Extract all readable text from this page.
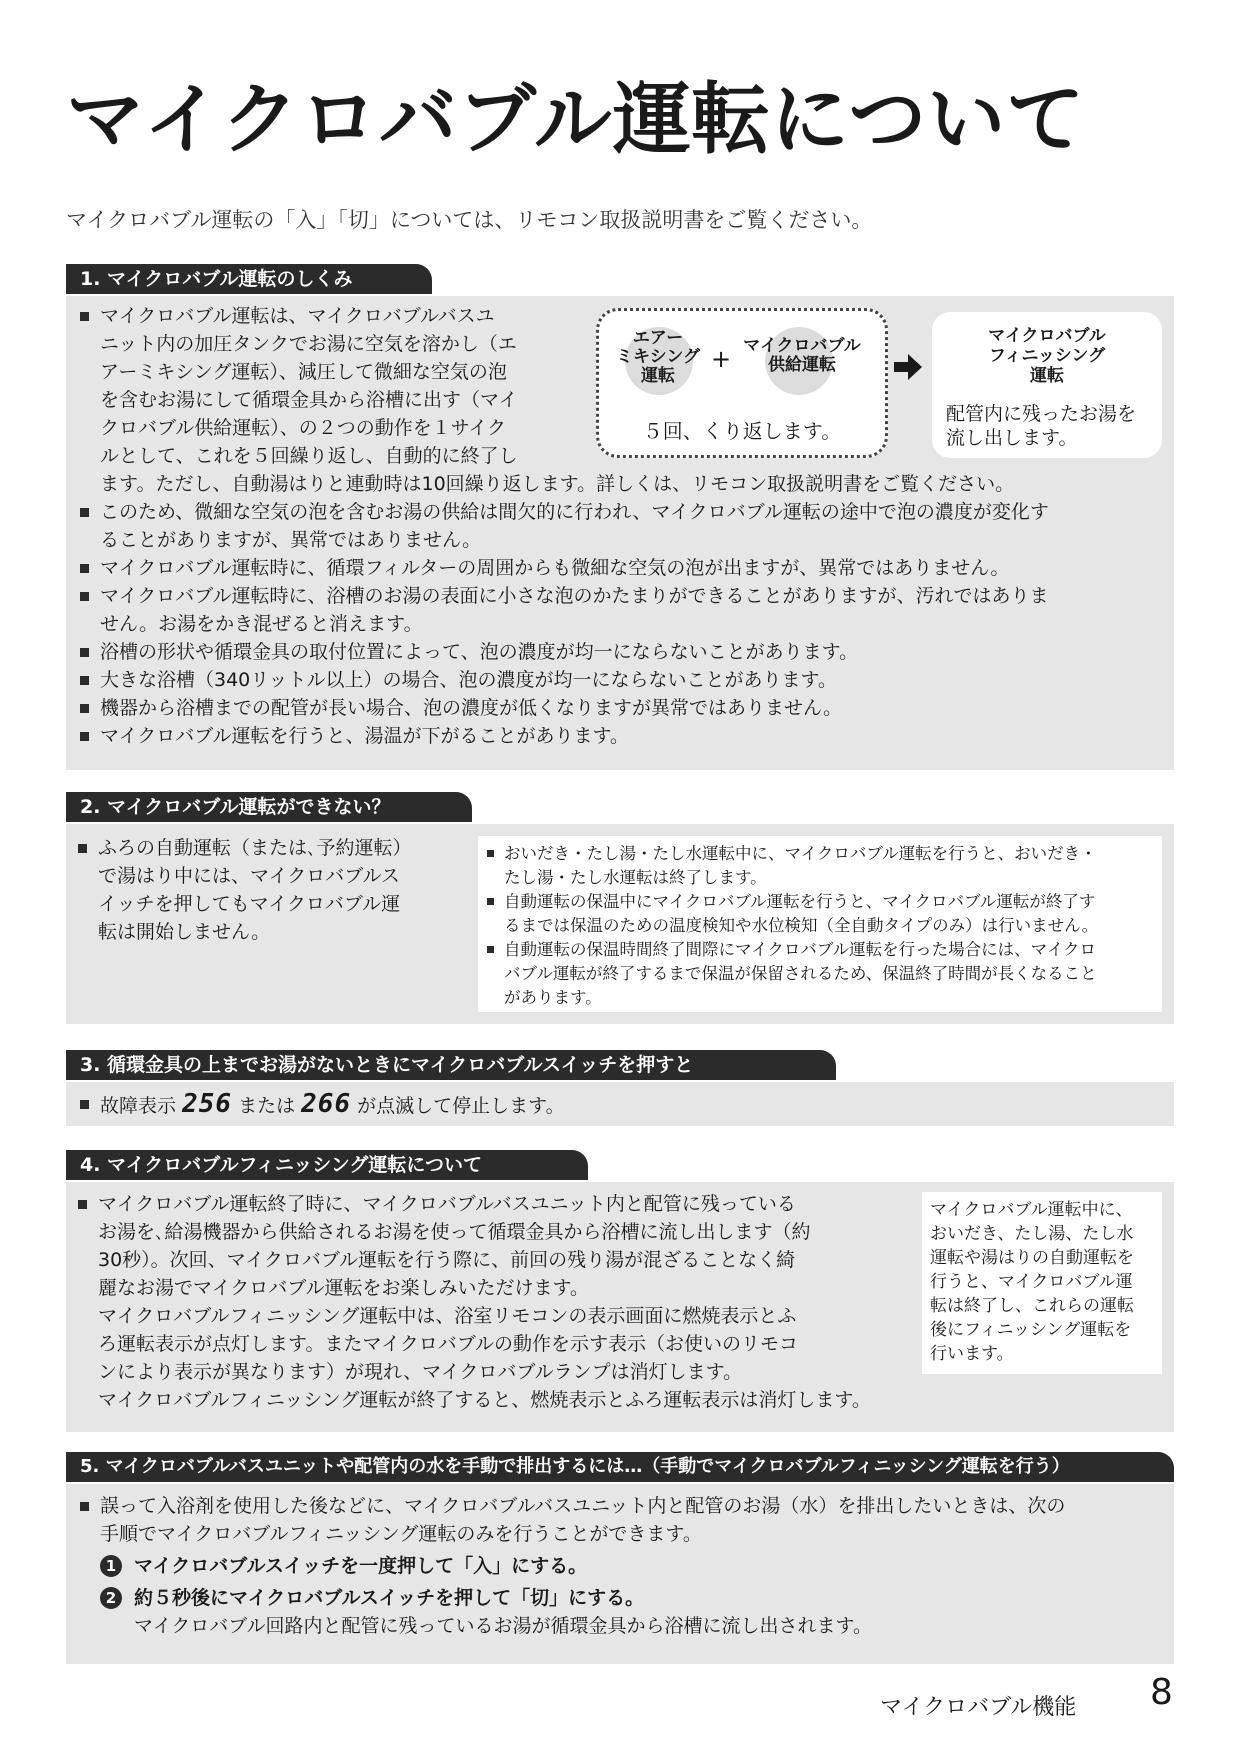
マイクロバブル運転について
マイクロバブル運転の「入」「切」については、リモコン取扱説明書をご覧ください。
1. マイクロバブル運転のしくみ
マイクロバブル運転は、マイクロバブルバスユ
ニット内の加圧タンクでお湯に空気を溶かし（エ
アーミキシング運転）、減圧して微細な空気の泡
を含むお湯にして循環金具から浴槽に出す（マイ
クロバブル供給運転）、の２つの動作を１サイク
ルとして、これを５回繰り返し、自動的に終了し
エアー
ミキシング
運転
+ マイクロバブル
供給運転
５回、くり返します。
マイクロバブル
フィニッシング
運転
配管内に残ったお湯を
流し出します。
ます。ただし、自動湯はりと連動時は10回繰り返します。詳しくは、リモコン取扱説明書をご覧ください。
このため、微細な空気の泡を含むお湯の供給は間欠的に行われ、マイクロバブル運転の途中で泡の濃度が変化す
ることがありますが、異常ではありません。
マイクロバブル運転時に、循環フィルターの周囲からも微細な空気の泡が出ますが、異常ではありません。
マイクロバブル運転時に、浴槽のお湯の表面に小さな泡のかたまりができることがありますが、汚れではありま
せん。お湯をかき混ぜると消えます。
浴槽の形状や循環金具の取付位置によって、泡の濃度が均一にならないことがあります。
大きな浴槽（340リットル以上）の場合、泡の濃度が均一にならないことがあります。
機器から浴槽までの配管が長い場合、泡の濃度が低くなりますが異常ではありません。
マイクロバブル運転を行うと、湯温が下がることがあります。
2. マイクロバブル運転ができない？
ふろの自動運転（または､予約運転）
で湯はり中には、マイクロバブルス
イッチを押してもマイクロバブル運
転は開始しません。
おいだき・たし湯・たし水運転中に、マイクロバブル運転を行うと、おいだき・
たし湯・たし水運転は終了します。
自動運転の保温中にマイクロバブル運転を行うと、マイクロバブル運転が終了す
るまでは保温のための温度検知や水位検知（全自動タイプのみ）は行いません。
自動運転の保温時間終了間際にマイクロバブル運転を行った場合には、マイクロ
バブル運転が終了するまで保温が保留されるため、保温終了時間が長くなること
があります。
3. 循環金具の上までお湯がないときにマイクロバブルスイッチを押すと
故障表示 256 または 266 が点滅して停止します。
4. マイクロバブルフィニッシング運転について
マイクロバブル運転終了時に、マイクロバブルバスユニット内と配管に残っている
お湯を､給湯機器から供給されるお湯を使って循環金具から浴槽に流し出します（約
30秒）。次回、マイクロバブル運転を行う際に、前回の残り湯が混ざることなく綺
麗なお湯でマイクロバブル運転をお楽しみいただけます。
マイクロバブルフィニッシング運転中は、浴室リモコンの表示画面に燃焼表示とふ
ろ運転表示が点灯します。またマイクロバブルの動作を示す表示（お使いのリモコ
ンにより表示が異なります）が現れ、マイクロバブルランプは消灯します。
マイクロバブルフィニッシング運転が終了すると、燃焼表示とふろ運転表示は消灯します。
マイクロバブル運転中に、
おいだき、たし湯、たし水
運転や湯はりの自動運転を
行うと、マイクロバブル運
転は終了し、これらの運転
後にフィニッシング運転を
行います。
5. マイクロバブルバスユニットや配管内の水を手動で排出するには…（手動でマイクロバブルフィニッシング運転を行う）
誤って入浴剤を使用した後などに、マイクロバブルバスユニット内と配管のお湯（水）を排出したいときは、次の
手順でマイクロバブルフィニッシング運転のみを行うことができます。
1 マイクロバブルスイッチを一度押して「入」にする。
2 約５秒後にマイクロバブルスイッチを押して「切」にする。
マイクロバブル回路内と配管に残っているお湯が循環金具から浴槽に流し出されます。
マイクロバブル機能 8
